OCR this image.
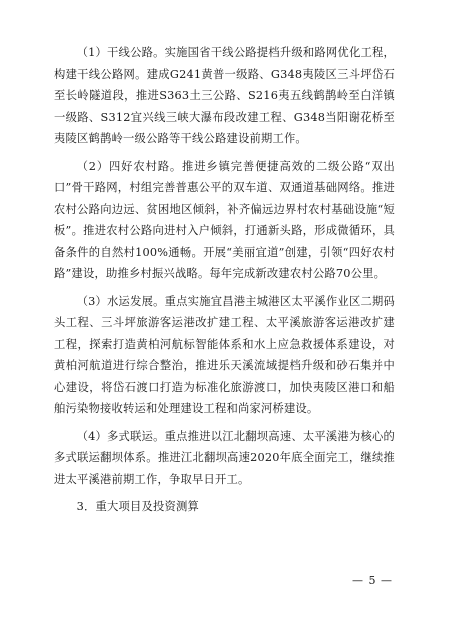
（1）干线公路。实施国省干线公路提档升级和路网优化工程，构建干线公路网。建成G241黄普一级路、G348夷陵区三斗坪岱石至长岭隧道段，推进S363土三公路、S216夷五线鹤鹊岭至白洋镇一级路、S312宜兴线三峡大瀑布段改建工程、G348当阳谢花桥至夷陵区鹤鹊岭一级公路等干线公路建设前期工作。

（2）四好农村路。推进乡镇完善便捷高效的二级公路“双出口”骨干路网，村组完善普惠公平的双车道、双通道基础网络。推进农村公路向边远、贫困地区倾斜，补齐偏远边界村农村基础设施“短板”。推进农村公路向进村入户倾斜，打通新头路，形成微循环，具备条件的自然村100%通畅。开展“美丽宜道”创建，引领“四好农村路”建设，助推乡村振兴战略。每年完成新改建农村公路70公里。

（3）水运发展。重点实施宜昌港主城港区太平溪作业区二期码头工程、三斗坪旅游客运港改扩建工程、太平溪旅游客运港改扩建工程，探索打造黄柏河航标智能体系和水上应急救援体系建设，对黄柏河航道进行综合整治，推进乐天溪流域提档升级和砂石集并中心建设，将岱石渡口打造为标准化旅游渡口，加快夷陵区港口和船舶污染物接收转运和处理建设工程和尚家河桥建设。

（4）多式联运。重点推进以江北翻坝高速、太平溪港为核心的多式联运翻坝体系。推进江北翻坝高速2020年底全面完工，继续推进太平溪港前期工作，争取早日开工。

3．重大项目及投资测算

— 5 —
